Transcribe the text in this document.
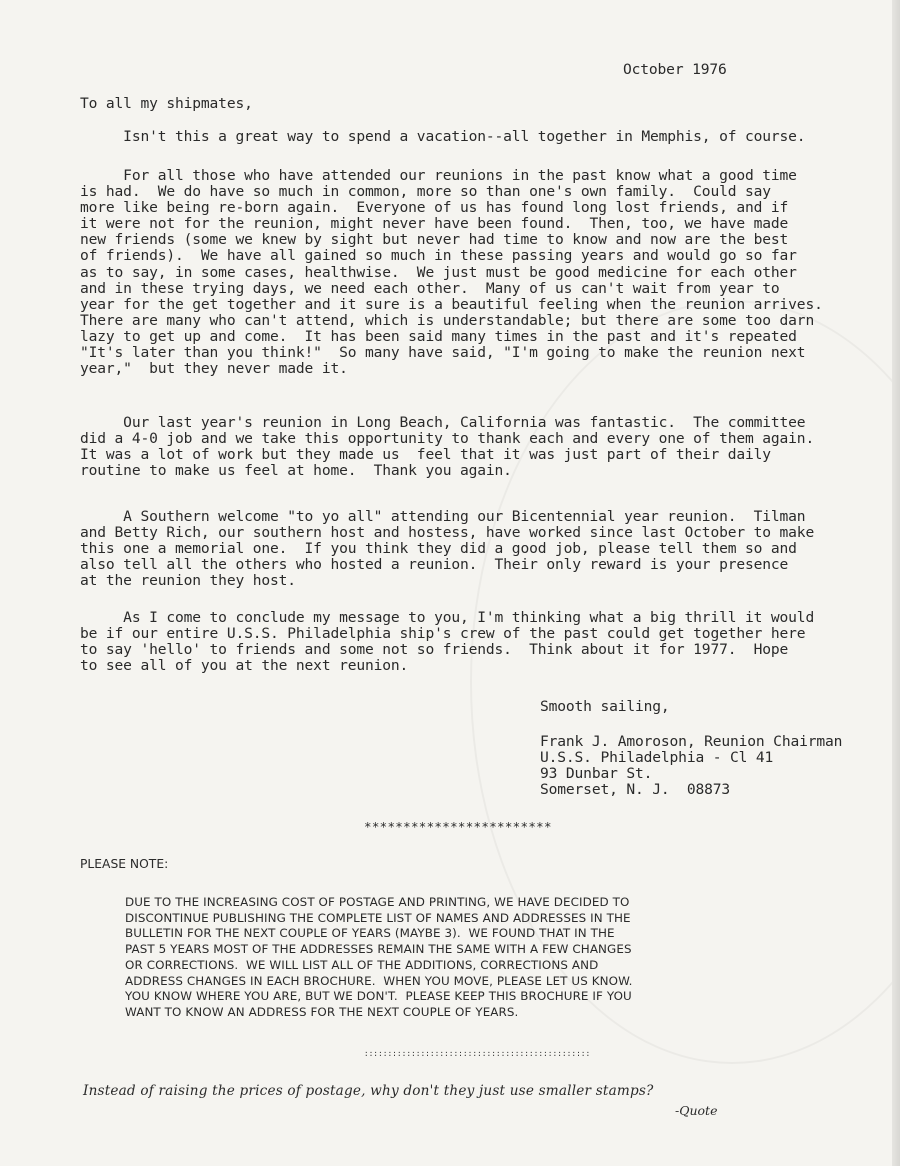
October 1976
To all my shipmates,

Isn't this a great way to spend a vacation--all together in Memphis, of course.

For all those who have attended our reunions in the past know what a good time
is had.  We do have so much in common, more so than one's own family.  Could say
more like being re-born again.  Everyone of us has found long lost friends, and if
it were not for the reunion, might never have been found.  Then, too, we have made
new friends (some we knew by sight but never had time to know and now are the best
of friends).  We have all gained so much in these passing years and would go so far
as to say, in some cases, healthwise.  We just must be good medicine for each other
and in these trying days, we need each other.  Many of us can't wait from year to
year for the get together and it sure is a beautiful feeling when the reunion arrives.
There are many who can't attend, which is understandable; but there are some too darn
lazy to get up and come.  It has been said many times in the past and it's repeated
"It's later than you think!"  So many have said, "I'm going to make the reunion next
year,"  but they never made it.

Our last year's reunion in Long Beach, California was fantastic.  The committee
did a 4-0 job and we take this opportunity to thank each and every one of them again.
It was a lot of work but they made us  feel that it was just part of their daily
routine to make us feel at home.  Thank you again.

A Southern welcome "to yo all" attending our Bicentennial year reunion.  Tilman
and Betty Rich, our southern host and hostess, have worked since last October to make
this one a memorial one.  If you think they did a good job, please tell them so and
also tell all the others who hosted a reunion.  Their only reward is your presence
at the reunion they host.

As I come to conclude my message to you, I'm thinking what a big thrill it would
be if our entire U.S.S. Philadelphia ship's crew of the past could get together here
to say 'hello' to friends and some not so friends.  Think about it for 1977.  Hope
to see all of you at the next reunion.

Smooth sailing,

Frank J. Amoroson, Reunion Chairman
U.S.S. Philadelphia - Cl 41
93 Dunbar St.
Somerset, N. J.  08873

************************
PLEASE NOTE:

DUE TO THE INCREASING COST OF POSTAGE AND PRINTING, WE HAVE DECIDED TO
DISCONTINUE PUBLISHING THE COMPLETE LIST OF NAMES AND ADDRESSES IN THE
BULLETIN FOR THE NEXT COUPLE OF YEARS (MAYBE 3).  WE FOUND THAT IN THE
PAST 5 YEARS MOST OF THE ADDRESSES REMAIN THE SAME WITH A FEW CHANGES
OR CORRECTIONS.  WE WILL LIST ALL OF THE ADDITIONS, CORRECTIONS AND
ADDRESS CHANGES IN EACH BROCHURE.  WHEN YOU MOVE, PLEASE LET US KNOW.
YOU KNOW WHERE YOU ARE, BUT WE DON'T.  PLEASE KEEP THIS BROCHURE IF YOU
WANT TO KNOW AN ADDRESS FOR THE NEXT COUPLE OF YEARS.

::::::::::::::::::::::::::::::::::::::::::::::::
Instead of raising the prices of postage, why don't they just use smaller stamps?
-Quote
